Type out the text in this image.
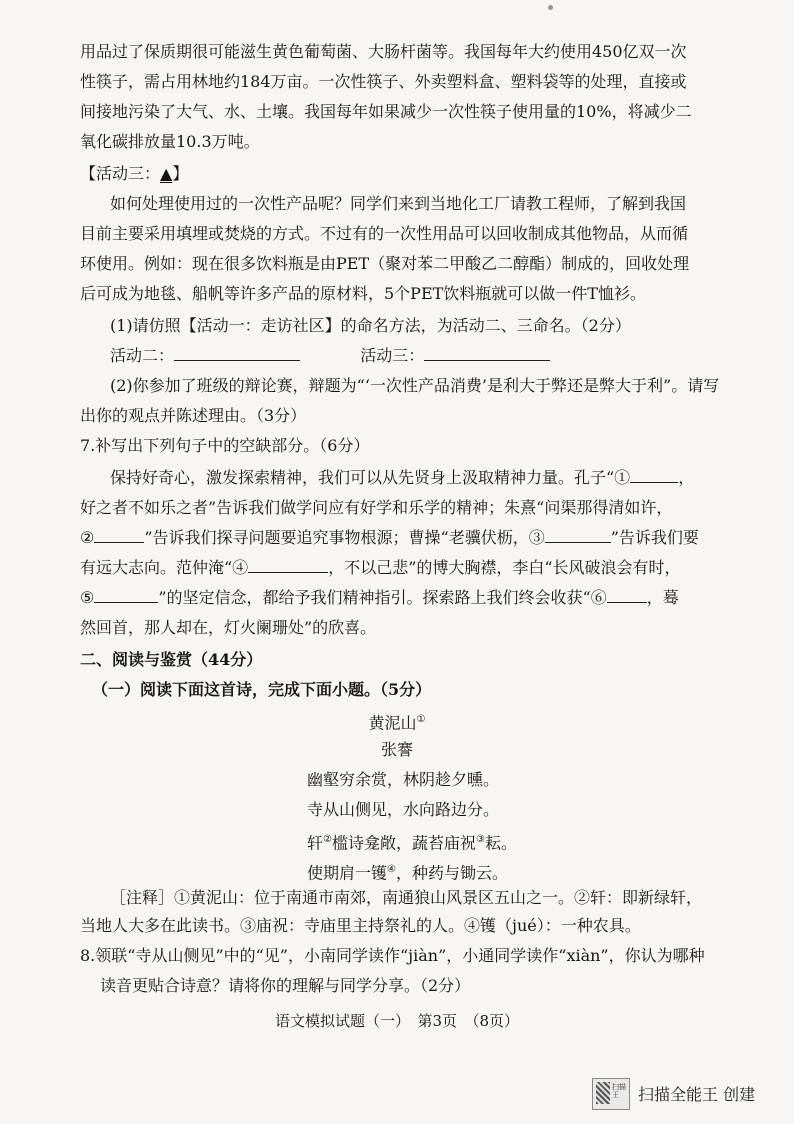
用品过了保质期很可能滋生黄色葡萄菌、大肠杆菌等。我国每年大约使用450亿双一次
性筷子，需占用林地约184万亩。一次性筷子、外卖塑料盒、塑料袋等的处理，直接或
间接地污染了大气、水、土壤。我国每年如果减少一次性筷子使用量的10%，将减少二
氧化碳排放量10.3万吨。
【活动三：▲】
如何处理使用过的一次性产品呢？同学们来到当地化工厂请教工程师，了解到我国
目前主要采用填埋或焚烧的方式。不过有的一次性用品可以回收制成其他物品，从而循
环使用。例如：现在很多饮料瓶是由PET（聚对苯二甲酸乙二醇酯）制成的，回收处理
后可成为地毯、船帆等许多产品的原材料，5个PET饮料瓶就可以做一件T恤衫。
(1)请仿照【活动一：走访社区】的命名方法，为活动二、三命名。（2分）
活动二：	活动三：
(2)你参加了班级的辩论赛，辩题为“‘一次性产品消费’是利大于弊还是弊大于利”。请写
出你的观点并陈述理由。（3分）
7.补写出下列句子中的空缺部分。（6分）
保持好奇心，激发探索精神，我们可以从先贤身上汲取精神力量。孔子“①	，
好之者不如乐之者”告诉我们做学问应有好学和乐学的精神；朱熹“问渠那得清如许，
②	”告诉我们探寻问题要追究事物根源；曹操“老骥伏枥，③	”告诉我们要
有远大志向。范仲淹“④	，不以己悲”的博大胸襟，李白“长风破浪会有时，
⑤	”的坚定信念，都给予我们精神指引。探索路上我们终会收获“⑥	，蓦
然回首，那人却在，灯火阑珊处”的欣喜。
二、阅读与鉴赏（44分）
（一）阅读下面这首诗，完成下面小题。（5分）
黄泥山①
张謇
幽壑穷余赏，林阴趁夕曛。
寺从山侧见，水向路边分。
轩②槛诗龛敞，蔬苔庙祝③耘。
使期肩一镬④，种药与锄云。
［注释］①黄泥山：位于南通市南郊，南通狼山风景区五山之一。②轩：即新绿轩，
当地人大多在此读书。③庙祝：寺庙里主持祭礼的人。④镬（jué）：一种农具。
8.领联“寺从山侧见”中的“见”，小南同学读作“jiàn”，小通同学读作“xiàn”，你认为哪种
读音更贴合诗意？请将你的理解与同学分享。（2分）
语文模拟试题（一）　第3页　（8页）
扫描王	扫描全能王 创建
